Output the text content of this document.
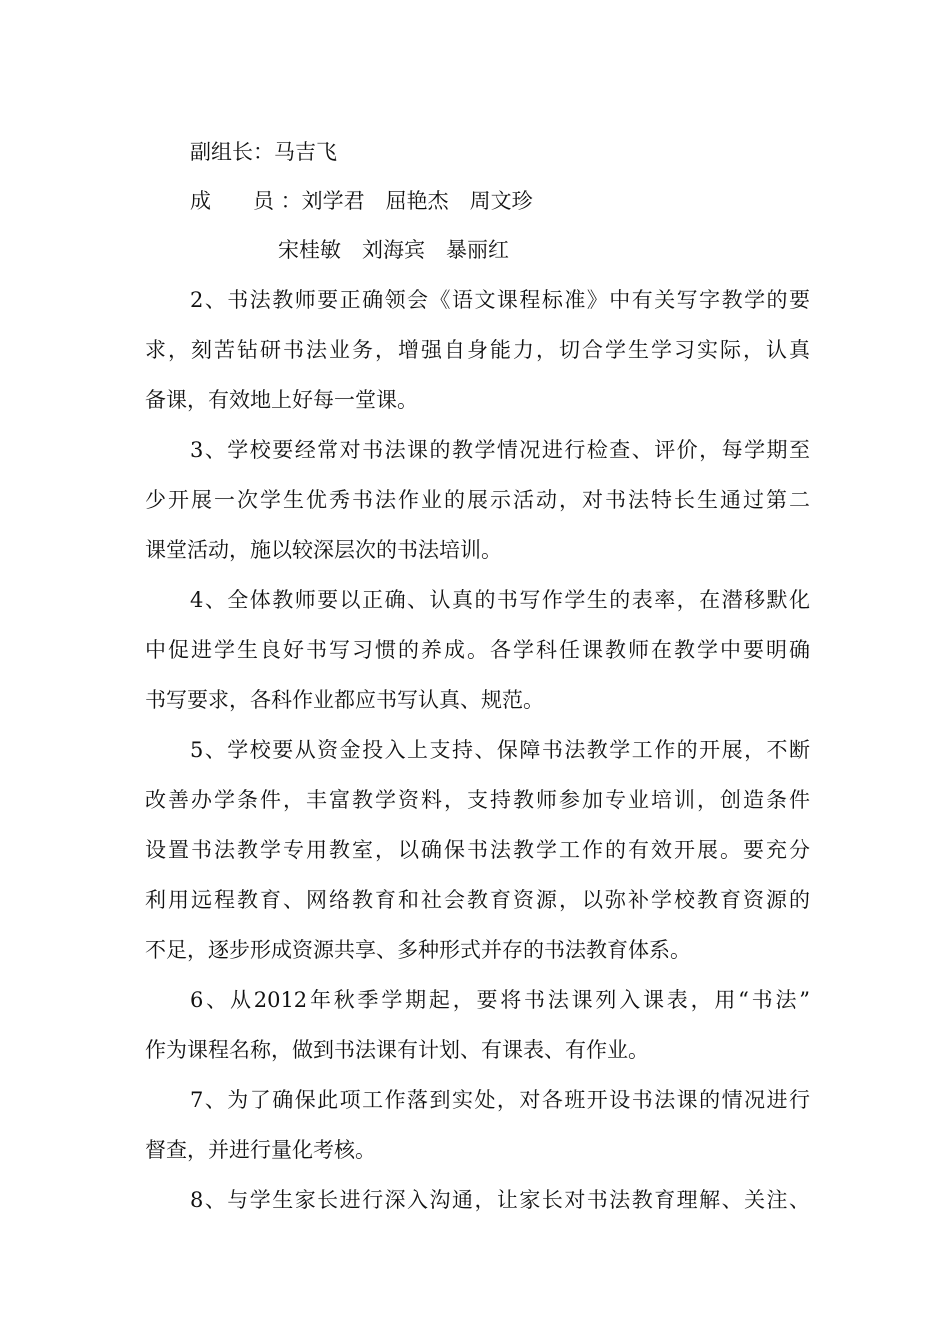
副组长：马吉飞
成　　员 ：刘学君　屈艳杰　周文珍
宋桂敏　刘海宾　暴丽红
2、书法教师要正确领会《语文课程标准》中有关写字教学的要
求，刻苦钻研书法业务，增强自身能力，切合学生学习实际，认真
备课，有效地上好每一堂课。
3、学校要经常对书法课的教学情况进行检查、评价，每学期至
少开展一次学生优秀书法作业的展示活动，对书法特长生通过第二
课堂活动，施以较深层次的书法培训。
4、全体教师要以正确、认真的书写作学生的表率，在潜移默化
中促进学生良好书写习惯的养成。各学科任课教师在教学中要明确
书写要求，各科作业都应书写认真、规范。
5、学校要从资金投入上支持、保障书法教学工作的开展，不断
改善办学条件，丰富教学资料，支持教师参加专业培训，创造条件
设置书法教学专用教室，以确保书法教学工作的有效开展。要充分
利用远程教育、网络教育和社会教育资源，以弥补学校教育资源的
不足，逐步形成资源共享、多种形式并存的书法教育体系。
6、从2012年秋季学期起，要将书法课列入课表，用“书法”
作为课程名称，做到书法课有计划、有课表、有作业。
7、为了确保此项工作落到实处，对各班开设书法课的情况进行
督查，并进行量化考核。
8、与学生家长进行深入沟通，让家长对书法教育理解、关注、
